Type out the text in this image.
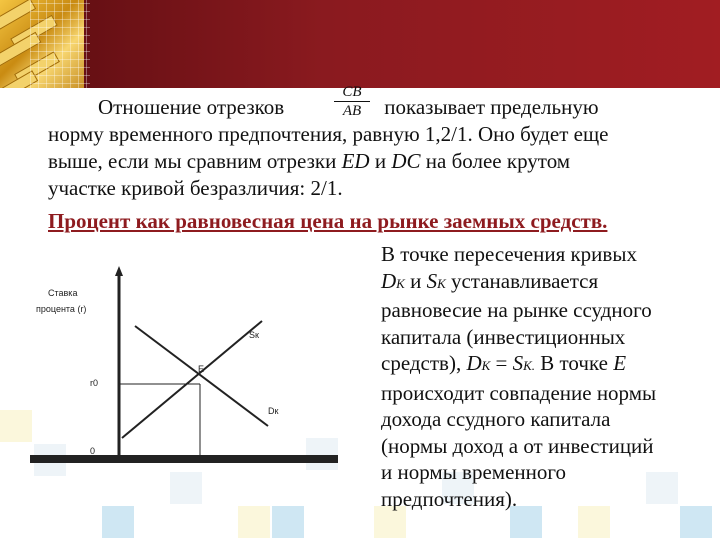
$\frac{CB}{AB}$
Отношение отрезков	показывает предельную
норму временного предпочтения, равную 1,2/1. Оно будет еще
выше, если мы сравним отрезки ED и DC на более крутом
участке кривой безразличия: 2/1.
Процент как равновесная цена на рынке заемных средств.
В точке пересечения кривых
DК и SК устанавливается
равновесие на рынке ссудного
капитала (инвестиционных
средств), DК = SК. В точке E
происходит совпадение нормы
дохода ссудного капитала
(нормы доход а от инвестиций
и нормы временного
предпочтения).
Ставка
процента (r)
Sк
E
r0
Dк
0
